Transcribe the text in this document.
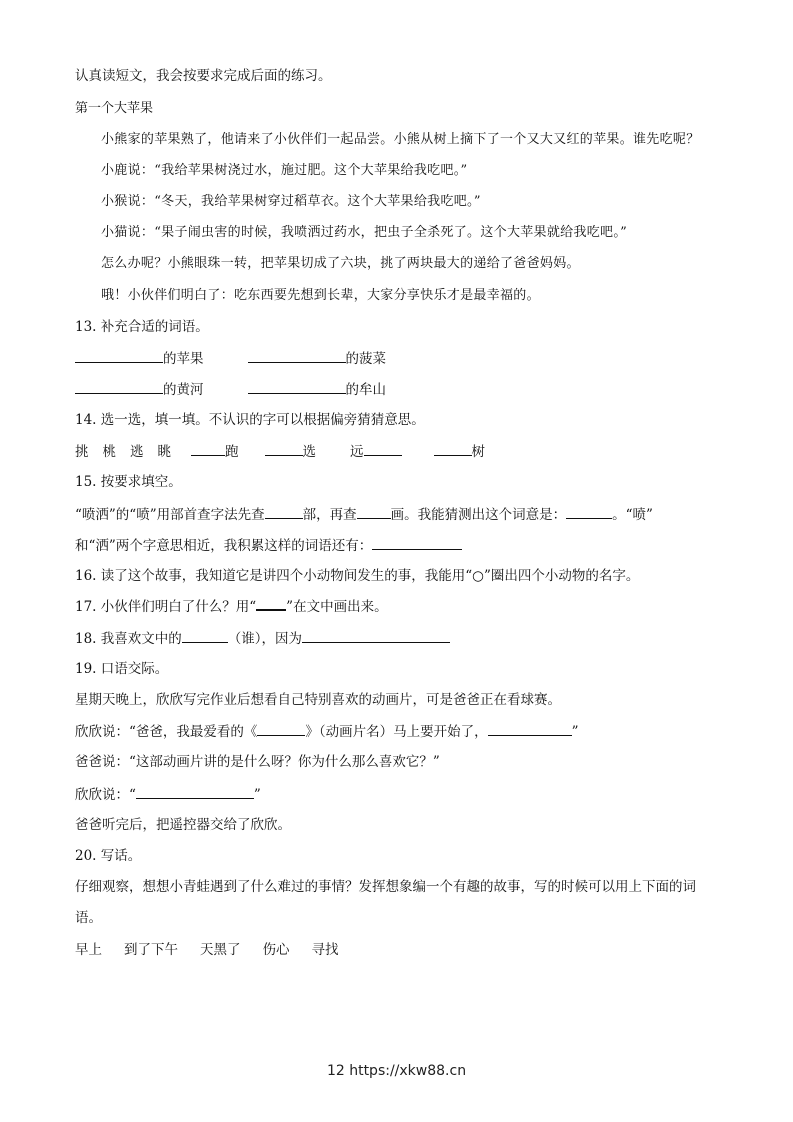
认真读短文，我会按要求完成后面的练习。
第一个大苹果
小熊家的苹果熟了，他请来了小伙伴们一起品尝。小熊从树上摘下了一个又大又红的苹果。谁先吃呢？
小鹿说：“我给苹果树浇过水，施过肥。这个大苹果给我吃吧。”
小猴说：“冬天，我给苹果树穿过稻草衣。这个大苹果给我吃吧。”
小猫说：“果子闹虫害的时候，我喷洒过药水，把虫子全杀死了。这个大苹果就给我吃吧。”
怎么办呢？小熊眼珠一转，把苹果切成了六块，挑了两块最大的递给了爸爸妈妈。
哦！小伙伴们明白了：吃东西要先想到长辈，大家分享快乐才是最幸福的。
13. 补充合适的词语。
的苹果	的菠菜
的黄河	的牟山
14. 选一选，填一填。不认识的字可以根据偏旁猜猜意思。
挑 桃 逃 眺	跑	选	远	树
15. 按要求填空。
“喷洒”的“喷”用部首查字法先查	部，再查	画。我能猜测出这个词意是：	。“喷”
和“洒”两个字意思相近，我积累这样的词语还有：
16. 读了这个故事，我知道它是讲四个小动物间发生的事，我能用“○”圈出四个小动物的名字。
17. 小伙伴们明白了什么？用“ ”在文中画出来。
18. 我喜欢文中的	（谁），因为
19. 口语交际。
星期天晚上，欣欣写完作业后想看自己特别喜欢的动画片，可是爸爸正在看球赛。
欣欣说：“爸爸，我最爱看的《	》（动画片名）马上要开始了，	”
爸爸说：“这部动画片讲的是什么呀？你为什么那么喜欢它？”
欣欣说：“	”
爸爸听完后，把遥控器交给了欣欣。
20. 写话。
仔细观察，想想小青蛙遇到了什么难过的事情？发挥想象编一个有趣的故事，写的时候可以用上下面的词
语。
早上 到了下午 天黑了 伤心 寻找
12 https://xkw88.cn
